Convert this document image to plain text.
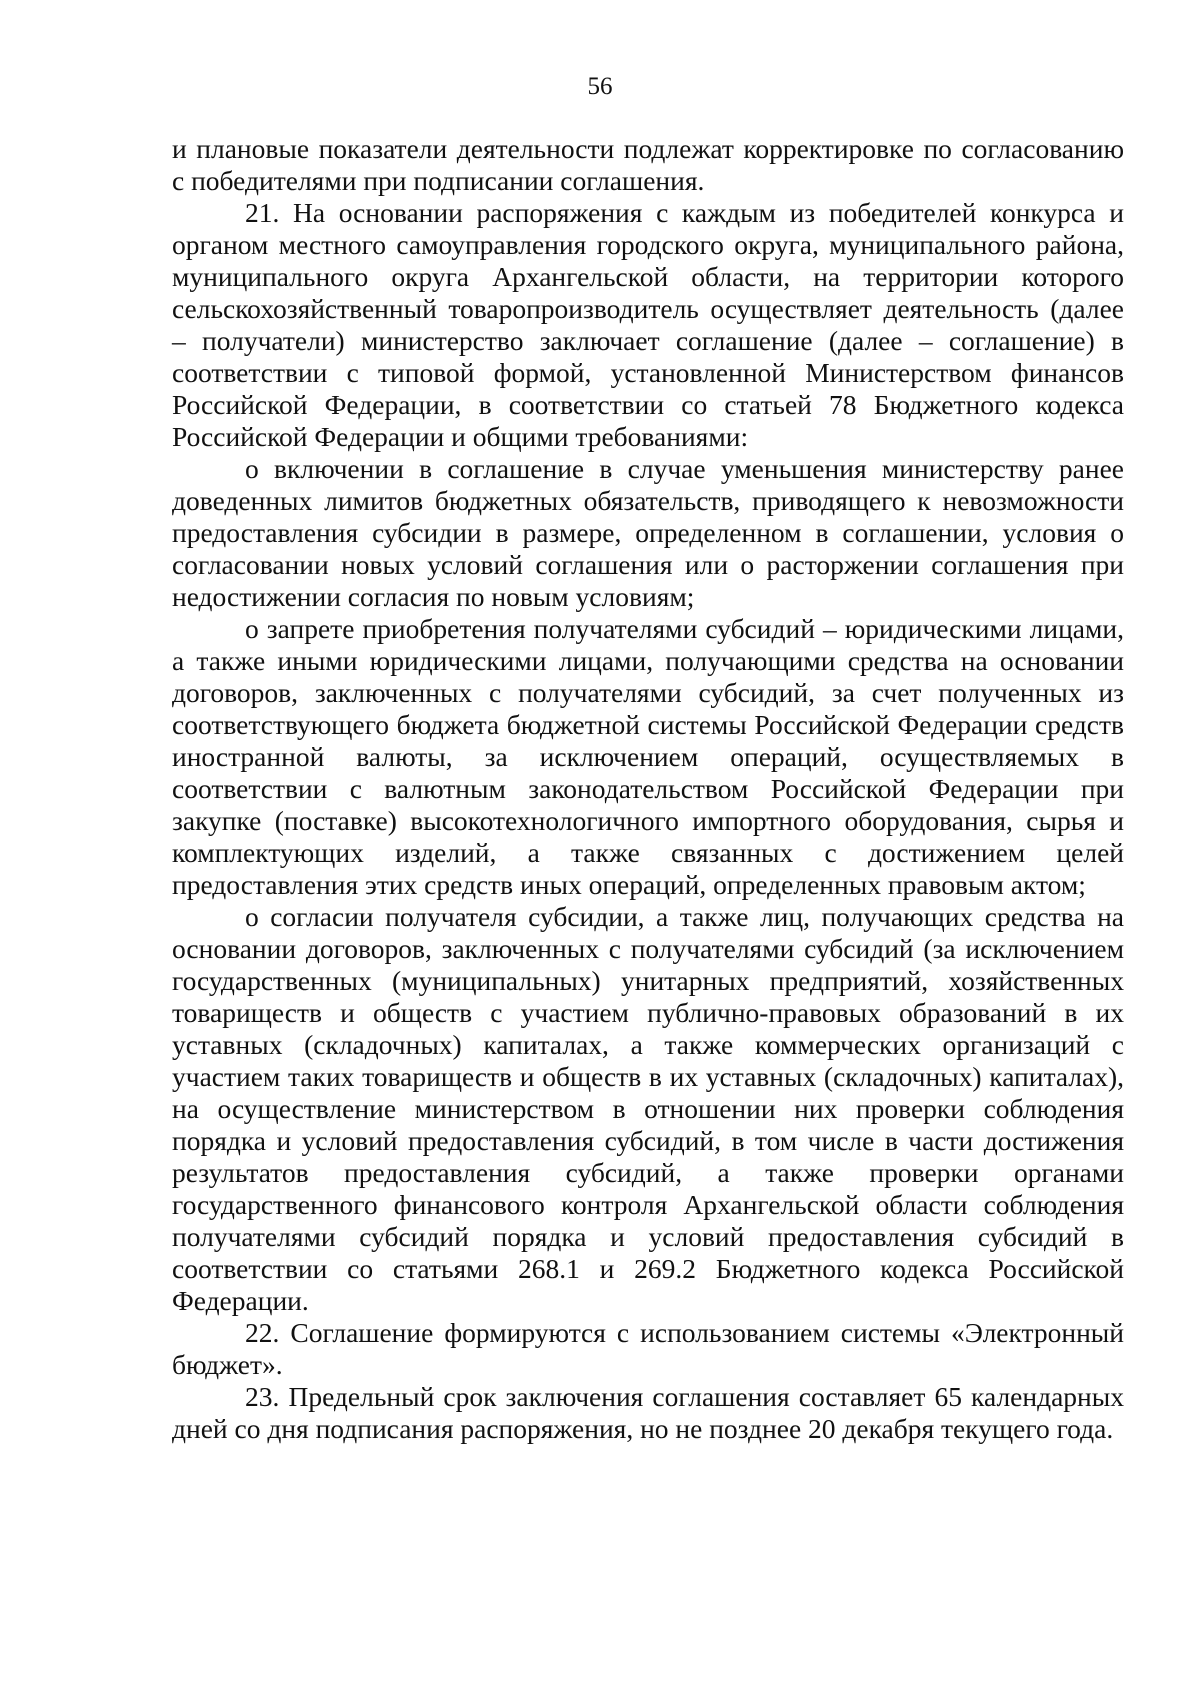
56

и плановые показатели деятельности подлежат корректировке по согласованию с победителями при подписании соглашения.

21. На основании распоряжения с каждым из победителей конкурса и органом местного самоуправления городского округа, муниципального района, муниципального округа Архангельской области, на территории которого сельскохозяйственный товаропроизводитель осуществляет деятельность (далее – получатели) министерство заключает соглашение (далее – соглашение) в соответствии с типовой формой, установленной Министерством финансов Российской Федерации, в соответствии со статьей 78 Бюджетного кодекса Российской Федерации и общими требованиями:

о включении в соглашение в случае уменьшения министерству ранее доведенных лимитов бюджетных обязательств, приводящего к невозможности предоставления субсидии в размере, определенном в соглашении, условия о согласовании новых условий соглашения или о расторжении соглашения при недостижении согласия по новым условиям;

о запрете приобретения получателями субсидий – юридическими лицами, а также иными юридическими лицами, получающими средства на основании договоров, заключенных с получателями субсидий, за счет полученных из соответствующего бюджета бюджетной системы Российской Федерации средств иностранной валюты, за исключением операций, осуществляемых в соответствии с валютным законодательством Российской Федерации при закупке (поставке) высокотехнологичного импортного оборудования, сырья и комплектующих изделий, а также связанных с достижением целей предоставления этих средств иных операций, определенных правовым актом;

о согласии получателя субсидии, а также лиц, получающих средства на основании договоров, заключенных с получателями субсидий (за исключением государственных (муниципальных) унитарных предприятий, хозяйственных товариществ и обществ с участием публично-правовых образований в их уставных (складочных) капиталах, а также коммерческих организаций с участием таких товариществ и обществ в их уставных (складочных) капиталах), на осуществление министерством в отношении них проверки соблюдения порядка и условий предоставления субсидий, в том числе в части достижения результатов предоставления субсидий, а также проверки органами государственного финансового контроля Архангельской области соблюдения получателями субсидий порядка и условий предоставления субсидий в соответствии со статьями 268.1 и 269.2 Бюджетного кодекса Российской Федерации.

22. Соглашение формируются с использованием системы «Электронный бюджет».

23. Предельный срок заключения соглашения составляет 65 календарных дней со дня подписания распоряжения, но не позднее 20 декабря текущего года.
